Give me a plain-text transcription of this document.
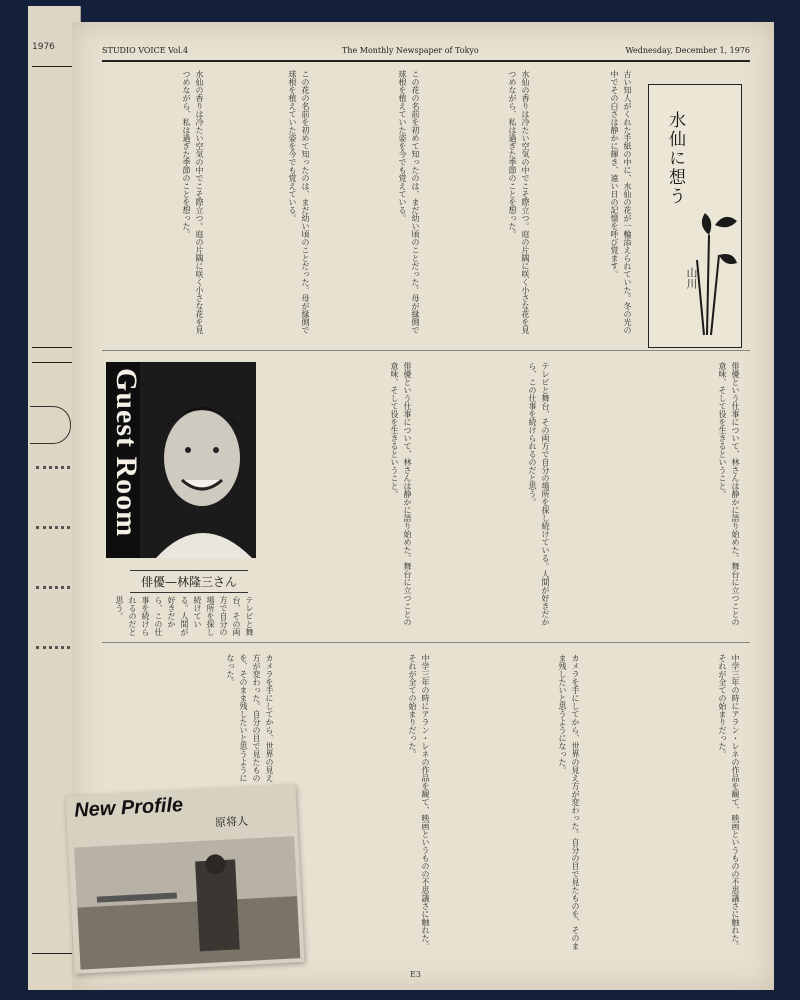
1976	STUDIO VOICE Vol.4	The Monthly Newspaper of Tokyo	Wednesday, December 1, 1976
古い知人がくれた手紙の中に、水仙の花が一輪添えられていた。冬の光の中でその白さは静かに輝き、遠い日の記憶を呼び覚ます。
水仙の香りは冷たい空気の中でこそ際立つ。庭の片隅に咲く小さな花を見つめながら、私は過ぎた季節のことを想った。
この花の名前を初めて知ったのは、まだ幼い頃のことだった。母が縁側で球根を植えていた姿を今でも覚えている。
この花の名前を初めて知ったのは、まだ幼い頃のことだった。母が縁側で球根を植えていた姿を今でも覚えている。
水仙の香りは冷たい空気の中でこそ際立つ。庭の片隅に咲く小さな花を見つめながら、私は過ぎた季節のことを想った。	水仙に想う
山川
Guest Room
俳優—林隆三さん	俳優という仕事について、林さんは静かに語り始めた。舞台に立つことの意味、そして役を生きるということ。
テレビと舞台、その両方で自分の場所を探し続けている。人間が好きだから、この仕事を続けられるのだと思う。
俳優という仕事について、林さんは静かに語り始めた。舞台に立つことの意味、そして役を生きるということ。
テレビと舞台、その両方で自分の場所を探し続けている。人間が好きだから、この仕事を続けられるのだと思う。
中学三年の時にアラン・レネの作品を観て、映画というものの不思議さに触れた。それが全ての始まりだった。
カメラを手にしてから、世界の見え方が変わった。自分の目で見たものを、そのまま残したいと思うようになった。
中学三年の時にアラン・レネの作品を観て、映画というものの不思議さに触れた。それが全ての始まりだった。
カメラを手にしてから、世界の見え方が変わった。自分の目で見たものを、そのまま残したいと思うようになった。
New Profile
原将人
E3
